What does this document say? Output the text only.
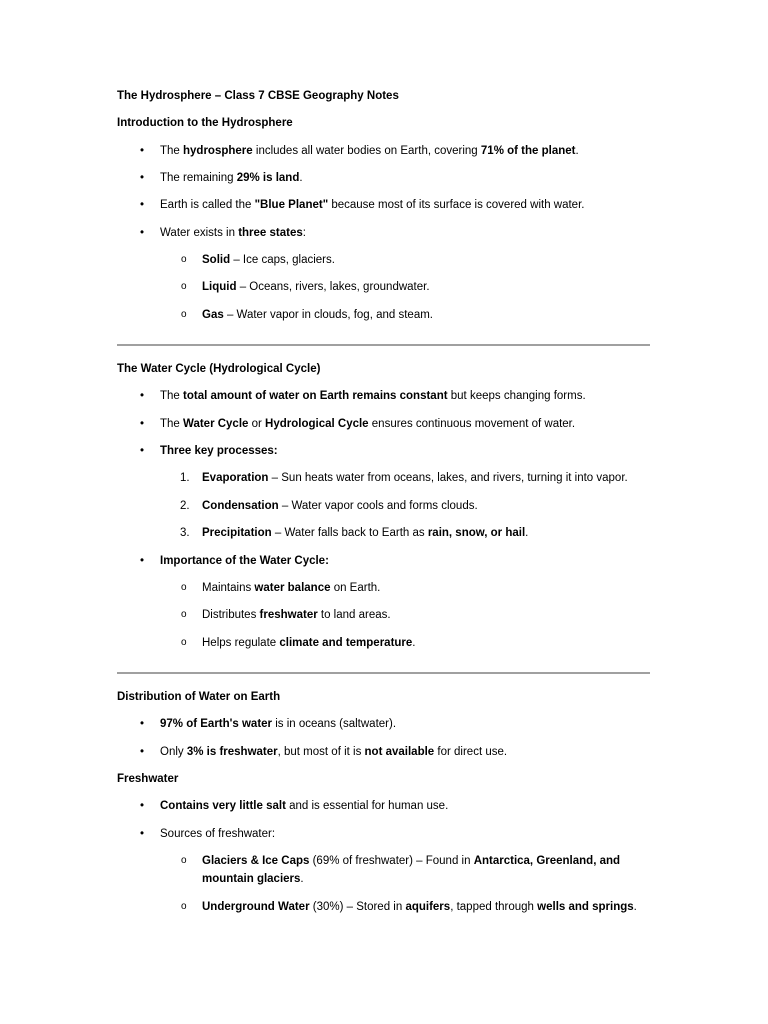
The Hydrosphere – Class 7 CBSE Geography Notes
Introduction to the Hydrosphere
• The hydrosphere includes all water bodies on Earth, covering 71% of the planet.
• The remaining 29% is land.
• Earth is called the "Blue Planet" because most of its surface is covered with water.
• Water exists in three states:
o Solid – Ice caps, glaciers.
o Liquid – Oceans, rivers, lakes, groundwater.
o Gas – Water vapor in clouds, fog, and steam.
The Water Cycle (Hydrological Cycle)
• The total amount of water on Earth remains constant but keeps changing forms.
• The Water Cycle or Hydrological Cycle ensures continuous movement of water.
• Three key processes:
1. Evaporation – Sun heats water from oceans, lakes, and rivers, turning it into vapor.
2. Condensation – Water vapor cools and forms clouds.
3. Precipitation – Water falls back to Earth as rain, snow, or hail.
• Importance of the Water Cycle:
o Maintains water balance on Earth.
o Distributes freshwater to land areas.
o Helps regulate climate and temperature.
Distribution of Water on Earth
• 97% of Earth's water is in oceans (saltwater).
• Only 3% is freshwater, but most of it is not available for direct use.
Freshwater
• Contains very little salt and is essential for human use.
• Sources of freshwater:
o Glaciers & Ice Caps (69% of freshwater) – Found in Antarctica, Greenland, and
mountain glaciers.
o Underground Water (30%) – Stored in aquifers, tapped through wells and springs.
